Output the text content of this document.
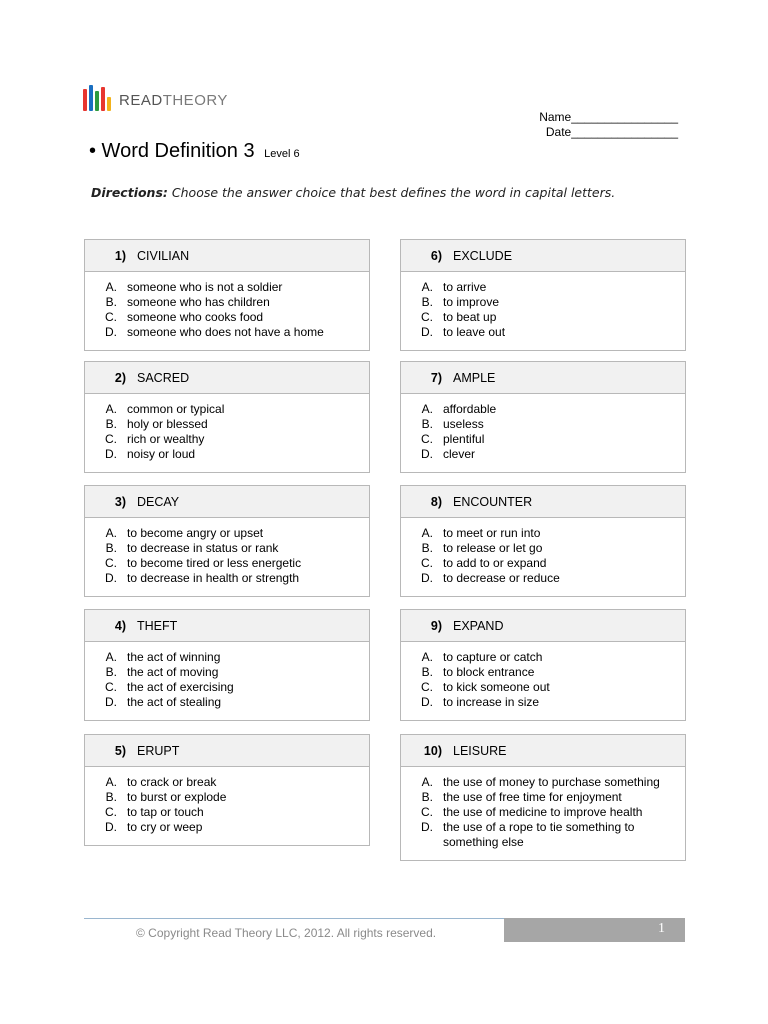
READTHEORY
Name________________
Date________________
• Word Definition 3 Level 6
Directions: Choose the answer choice that best defines the word in capital letters.
1) CIVILIAN
A. someone who is not a soldier
B. someone who has children
C. someone who cooks food
D. someone who does not have a home
2) SACRED
A. common or typical
B. holy or blessed
C. rich or wealthy
D. noisy or loud
3) DECAY
A. to become angry or upset
B. to decrease in status or rank
C. to become tired or less energetic
D. to decrease in health or strength
4) THEFT
A. the act of winning
B. the act of moving
C. the act of exercising
D. the act of stealing
5) ERUPT
A. to crack or break
B. to burst or explode
C. to tap or touch
D. to cry or weep
6) EXCLUDE
A. to arrive
B. to improve
C. to beat up
D. to leave out
7) AMPLE
A. affordable
B. useless
C. plentiful
D. clever
8) ENCOUNTER
A. to meet or run into
B. to release or let go
C. to add to or expand
D. to decrease or reduce
9) EXPAND
A. to capture or catch
B. to block entrance
C. to kick someone out
D. to increase in size
10) LEISURE
A. the use of money to purchase something
B. the use of free time for enjoyment
C. the use of medicine to improve health
D. the use of a rope to tie something to something else
© Copyright Read Theory LLC, 2012. All rights reserved.	1
